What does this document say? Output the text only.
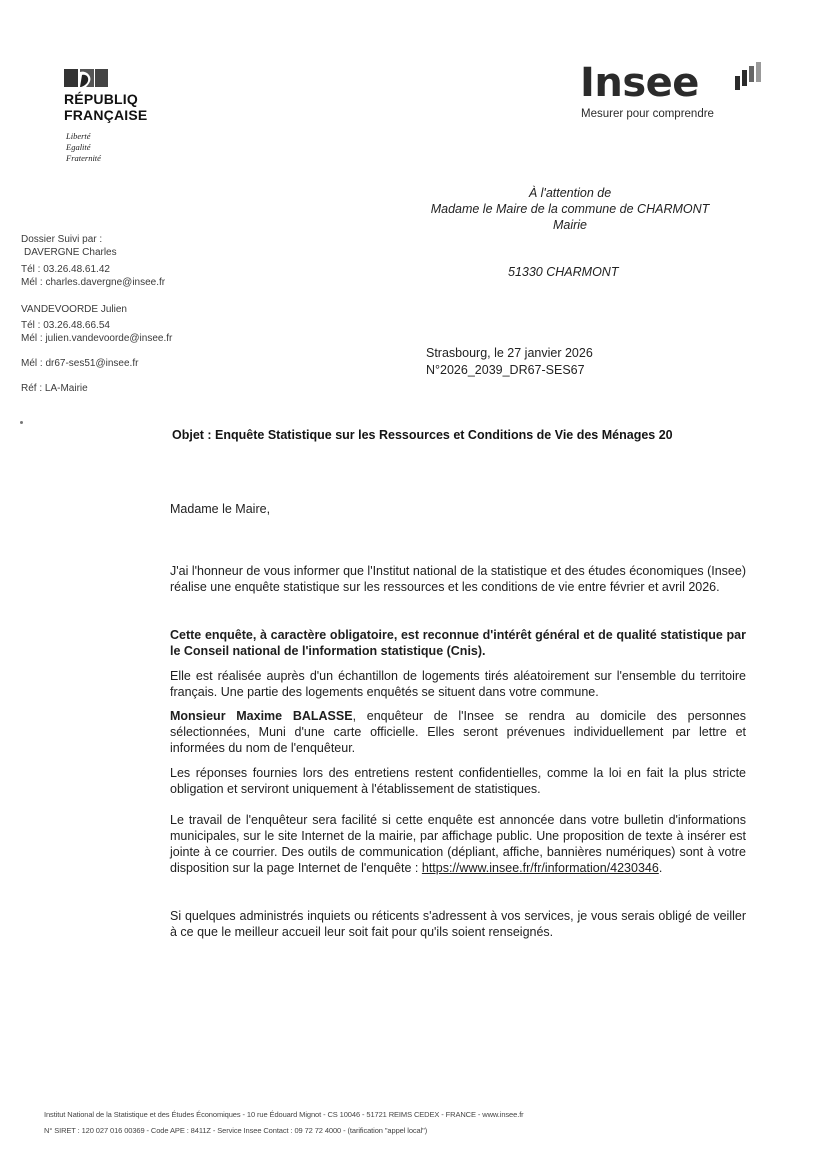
RÉPUBLIQ
FRANÇAISE
Liberté
Egalité
Fraternité
Insee
Mesurer pour comprendre
À l'attention de
Madame le Maire de la commune de CHARMONT
Mairie
51330 CHARMONT
Dossier Suivi par :
DAVERGNE Charles
Tél : 03.26.48.61.42
Mél : charles.davergne@insee.fr
VANDEVOORDE Julien
Tél : 03.26.48.66.54
Mél : julien.vandevoorde@insee.fr
Mél : dr67-ses51@insee.fr
Réf : LA-Mairie
Strasbourg, le 27 janvier 2026
N°2026_2039_DR67-SES67
Objet : Enquête Statistique sur les Ressources et Conditions de Vie des Ménages 20
Madame le Maire,
J'ai l'honneur de vous informer que l'Institut national de la statistique et des études économiques (Insee) réalise une enquête statistique sur les ressources et les conditions de vie entre février et avril 2026.
Cette enquête, à caractère obligatoire, est reconnue d'intérêt général et de qualité statistique par le Conseil national de l'information statistique (Cnis).
Elle est réalisée auprès d'un échantillon de logements tirés aléatoirement sur l'ensemble du territoire français. Une partie des logements enquêtés se situent dans votre commune.
Monsieur Maxime BALASSE, enquêteur de l'Insee se rendra au domicile des personnes sélectionnées, Muni d'une carte officielle. Elles seront prévenues individuellement par lettre et informées du nom de l'enquêteur.
Les réponses fournies lors des entretiens restent confidentielles, comme la loi en fait la plus stricte obligation et serviront uniquement à l'établissement de statistiques.
Le travail de l'enquêteur sera facilité si cette enquête est annoncée dans votre bulletin d'informations municipales, sur le site Internet de la mairie, par affichage public. Une proposition de texte à insérer est jointe à ce courrier. Des outils de communication (dépliant, affiche, bannières numériques) sont à votre disposition sur la page Internet de l'enquête : https://www.insee.fr/fr/information/4230346.
Si quelques administrés inquiets ou réticents s'adressent à vos services, je vous serais obligé de veiller à ce que le meilleur accueil leur soit fait pour qu'ils soient renseignés.
Institut National de la Statistique et des Études Économiques - 10 rue Édouard Mignot - CS 10046 - 51721 REIMS CEDEX - FRANCE - www.insee.fr
N° SIRET : 120 027 016 00369 - Code APE : 8411Z - Service Insee Contact : 09 72 72 4000 - (tarification "appel local")
